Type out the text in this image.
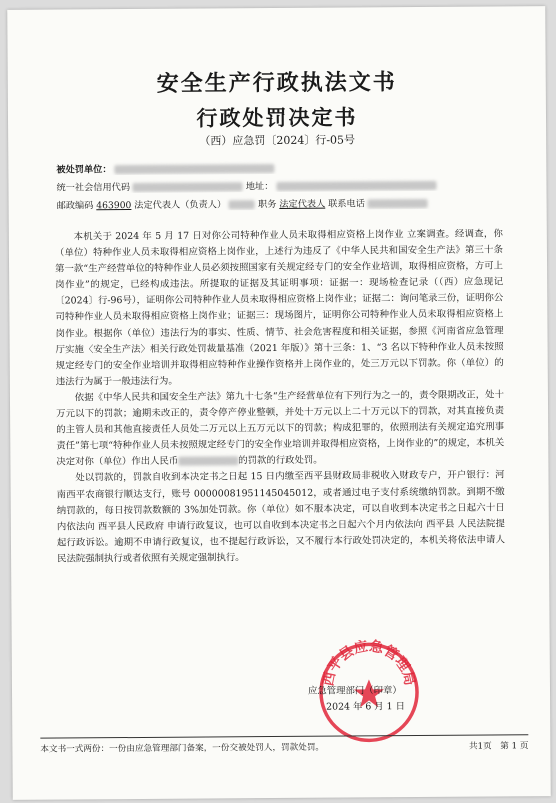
安全生产行政执法文书
行政处罚决定书
（西）应急罚〔2024〕行-05号
被处罚单位：
统一社会信用代码	地址：
邮政编码 463900 法定代表人（负责人）	职务 法定代表人 联系电话

本机关于 2024 年 5 月 17 日对你公司特种作业人员未取得相应资格上岗作业 立案调查。经调查，你（单位）特种作业人员未取得相应资格上岗作业，上述行为违反了《中华人民共和国安全生产法》第三十条第一款“生产经营单位的特种作业人员必须按照国家有关规定经专门的安全作业培训，取得相应资格，方可上岗作业”的规定，已经构成违法。所提取的证据及其证明事项：证据一：现场检查记录（（西）应急现记〔2024〕行-96号），证明你公司特种作业人员未取得相应资格上岗作业；证据二：询问笔录三份，证明你公司特种作业人员未取得相应资格上岗作业；证据三：现场图片，证明你公司特种作业人员未取得相应资格上岗作业。根据你（单位）违法行为的事实、性质、情节、社会危害程度和相关证据，参照《河南省应急管理厅实施〈安全生产法〉相关行政处罚裁量基准（2021 年版）》第十三条：1、“3 名以下特种作业人员未按照规定经专门的安全作业培训并取得相应特种作业操作资格并上岗作业的，处三万元以下罚款。你（单位）的违法行为属于一般违法行为。

依据《中华人民共和国安全生产法》第九十七条“生产经营单位有下列行为之一的，责令限期改正，处十万元以下的罚款；逾期未改正的，责令停产停业整顿，并处十万元以上二十万元以下的罚款，对其直接负责的主管人员和其他直接责任人员处二万元以上五万元以下的罚款；构成犯罪的，依照刑法有关规定追究刑事责任”第七项“特种作业人员未按照规定经专门的安全作业培训并取得相应资格，上岗作业的”的规定，本机关决定对你（单位）作出人民币	的罚款的行政处罚。

处以罚款的，罚款自收到本决定书之日起 15 日内缴至西平县财政局非税收入财政专户，开户银行：河南西平农商银行顺达支行，账号 00000081951145045012，或者通过电子支付系统缴纳罚款。到期不缴纳罚款的，每日按罚款数额的 3%加处罚款。你（单位）如不服本决定，可以自收到本决定书之日起六十日内依法向 西平县人民政府 申请行政复议，也可以自收到本决定书之日起六个月内依法向 西平县 人民法院提起行政诉讼。逾期不申请行政复议，也不提起行政诉讼，又不履行本行政处罚决定的，本机关将依法申请人民法院强制执行或者依照有关规定强制执行。

西平县应急管理局
应急管理部门（印章）
2024 年 6 月 1 日
本文书一式两份：一份由应急管理部门备案，一份交被处罚人，罚款处罚。	共1页　第 1 页
